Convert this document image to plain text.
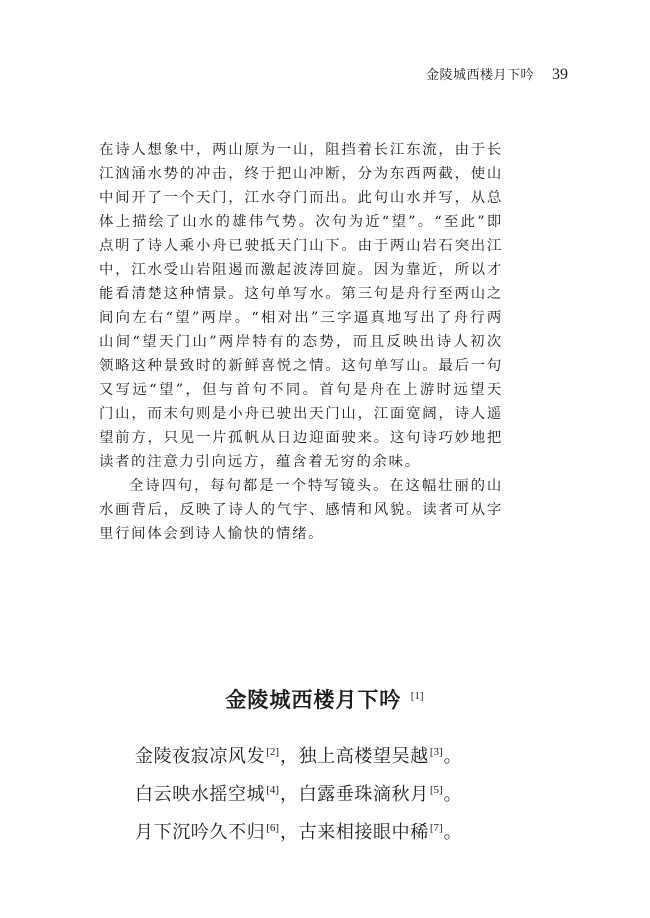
金陵城西楼月下吟 39

在诗人想象中，两山原为一山，阻挡着长江东流，由于长江汹涌水势的冲击，终于把山冲断，分为东西两截，使山中间开了一个天门，江水夺门而出。此句山水并写，从总体上描绘了山水的雄伟气势。次句为近“望”。“至此”即点明了诗人乘小舟已驶抵天门山下。由于两山岩石突出江中，江水受山岩阻遏而激起波涛回旋。因为靠近，所以才能看清楚这种情景。这句单写水。第三句是舟行至两山之间向左右“望”两岸。“相对出”三字逼真地写出了舟行两山间“望天门山”两岸特有的态势，而且反映出诗人初次领略这种景致时的新鲜喜悦之情。这句单写山。最后一句又写远“望”，但与首句不同。首句是舟在上游时远望天门山，而末句则是小舟已驶出天门山，江面宽阔，诗人遥望前方，只见一片孤帆从日边迎面驶来。这句诗巧妙地把读者的注意力引向远方，蕴含着无穷的余味。

全诗四句，每句都是一个特写镜头。在这幅壮丽的山水画背后，反映了诗人的气宇、感情和风貌。读者可从字里行间体会到诗人愉快的情绪。

金陵城西楼月下吟 [1]
金陵夜寂凉风发[2]，独上高楼望吴越[3]。
白云映水摇空城[4]，白露垂珠滴秋月[5]。
月下沉吟久不归[6]，古来相接眼中稀[7]。
